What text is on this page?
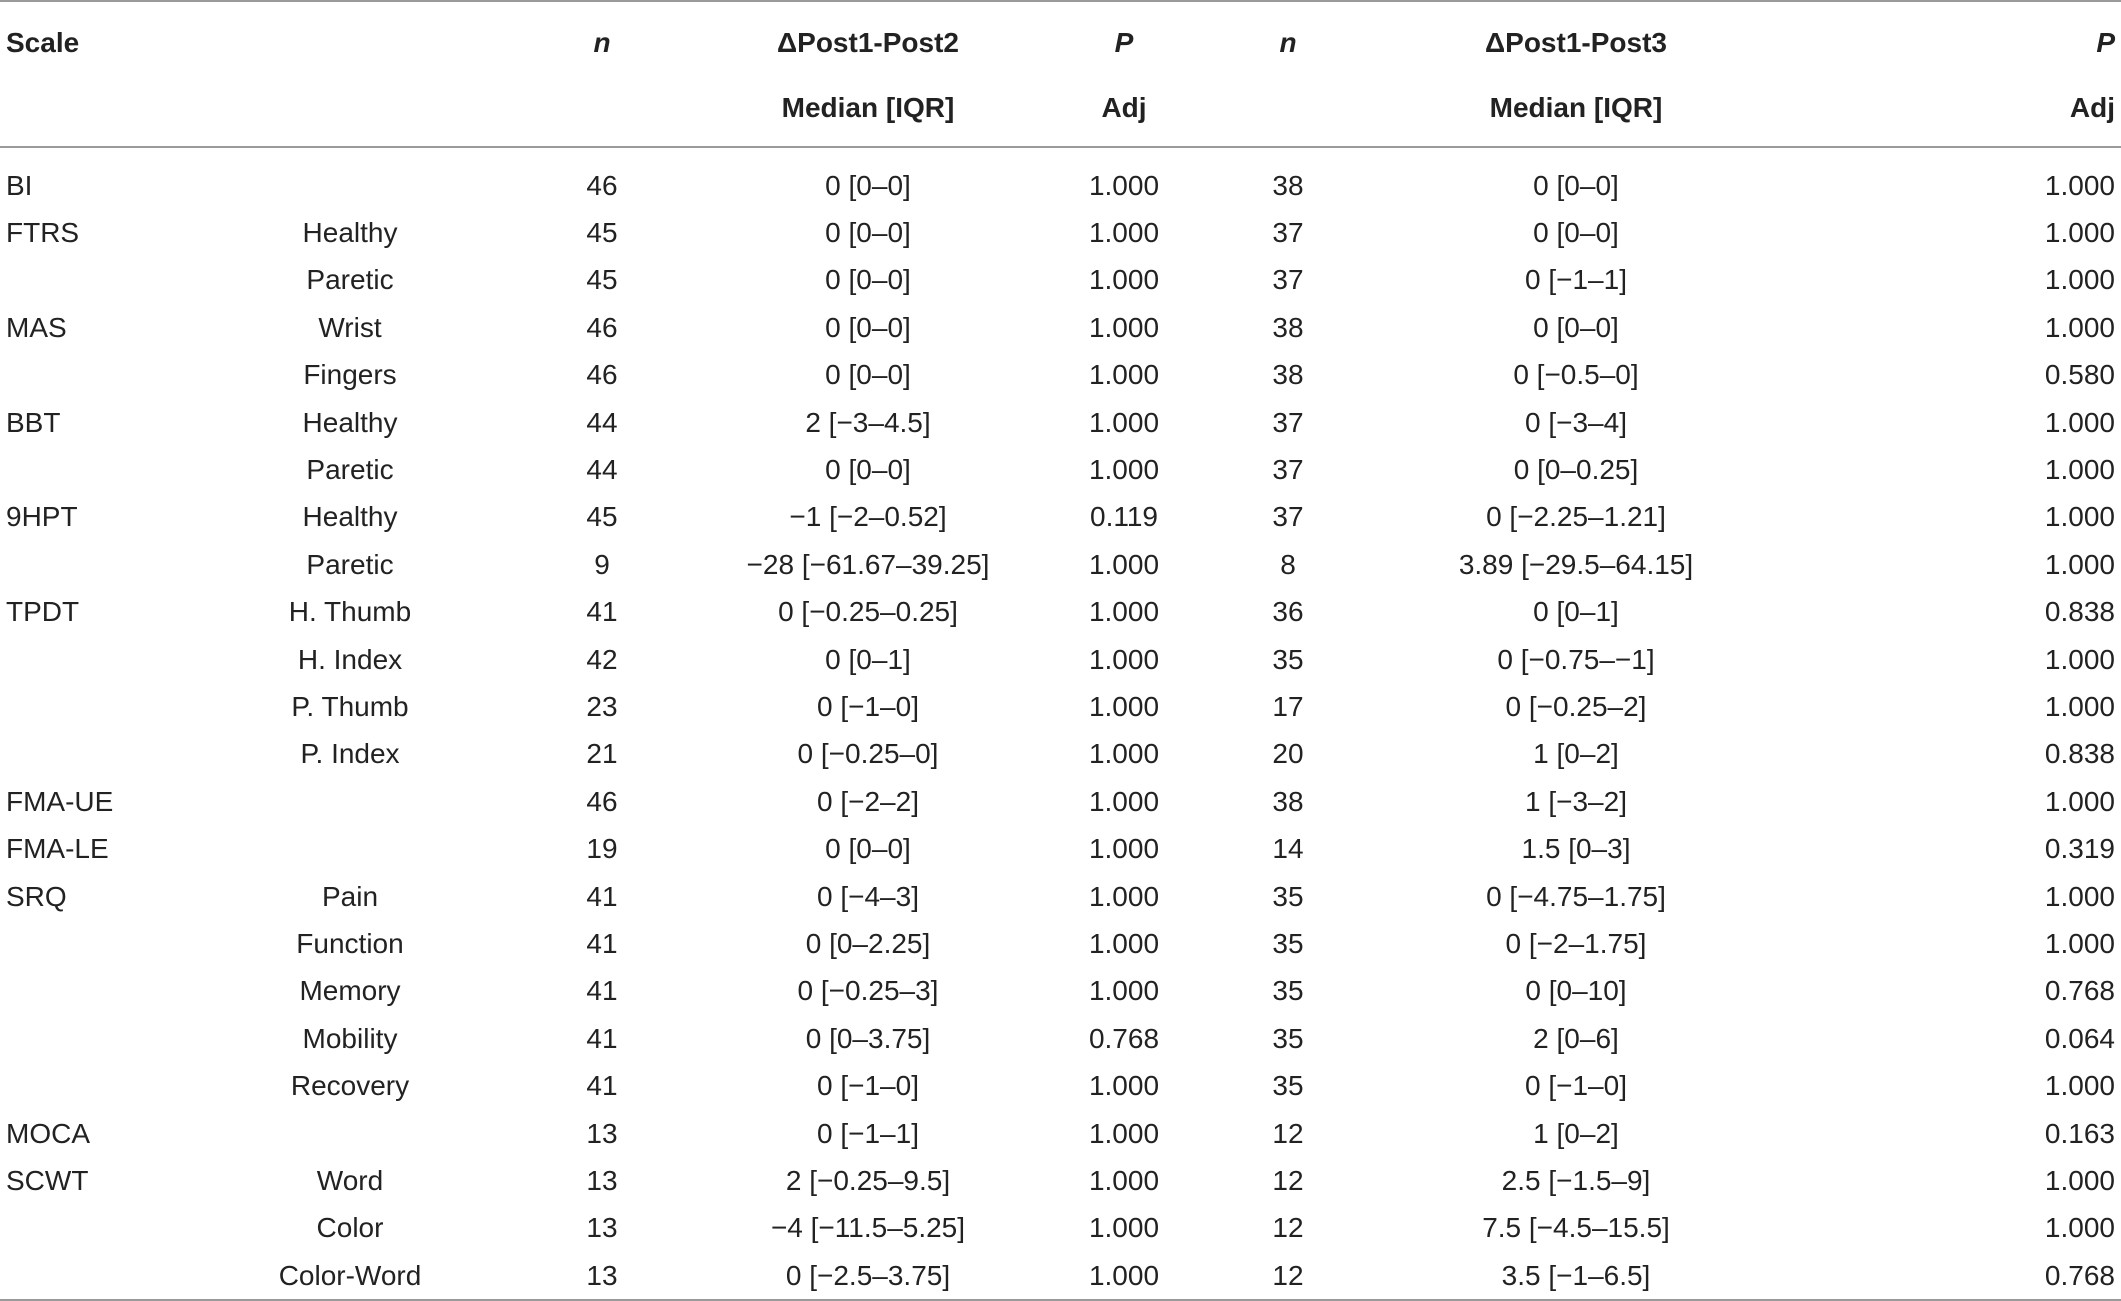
Scale		n	ΔPost1-Post2	P	n	ΔPost1-Post3	P
			Median [IQR]	Adj		Median [IQR]	Adj
BI		46	0 [0–0]	1.000	38	0 [0–0]	1.000
FTRS	Healthy	45	0 [0–0]	1.000	37	0 [0–0]	1.000
	Paretic	45	0 [0–0]	1.000	37	0 [−1–1]	1.000
MAS	Wrist	46	0 [0–0]	1.000	38	0 [0–0]	1.000
	Fingers	46	0 [0–0]	1.000	38	0 [−0.5–0]	0.580
BBT	Healthy	44	2 [−3–4.5]	1.000	37	0 [−3–4]	1.000
	Paretic	44	0 [0–0]	1.000	37	0 [0–0.25]	1.000
9HPT	Healthy	45	−1 [−2–0.52]	0.119	37	0 [−2.25–1.21]	1.000
	Paretic	9	−28 [−61.67–39.25]	1.000	8	3.89 [−29.5–64.15]	1.000
TPDT	H. Thumb	41	0 [−0.25–0.25]	1.000	36	0 [0–1]	0.838
	H. Index	42	0 [0–1]	1.000	35	0 [−0.75–−1]	1.000
	P. Thumb	23	0 [−1–0]	1.000	17	0 [−0.25–2]	1.000
	P. Index	21	0 [−0.25–0]	1.000	20	1 [0–2]	0.838
FMA-UE		46	0 [−2–2]	1.000	38	1 [−3–2]	1.000
FMA-LE		19	0 [0–0]	1.000	14	1.5 [0–3]	0.319
SRQ	Pain	41	0 [−4–3]	1.000	35	0 [−4.75–1.75]	1.000
	Function	41	0 [0–2.25]	1.000	35	0 [−2–1.75]	1.000
	Memory	41	0 [−0.25–3]	1.000	35	0 [0–10]	0.768
	Mobility	41	0 [0–3.75]	0.768	35	2 [0–6]	0.064
	Recovery	41	0 [−1–0]	1.000	35	0 [−1–0]	1.000
MOCA		13	0 [−1–1]	1.000	12	1 [0–2]	0.163
SCWT	Word	13	2 [−0.25–9.5]	1.000	12	2.5 [−1.5–9]	1.000
	Color	13	−4 [−11.5–5.25]	1.000	12	7.5 [−4.5–15.5]	1.000
	Color-Word	13	0 [−2.5–3.75]	1.000	12	3.5 [−1–6.5]	0.768
